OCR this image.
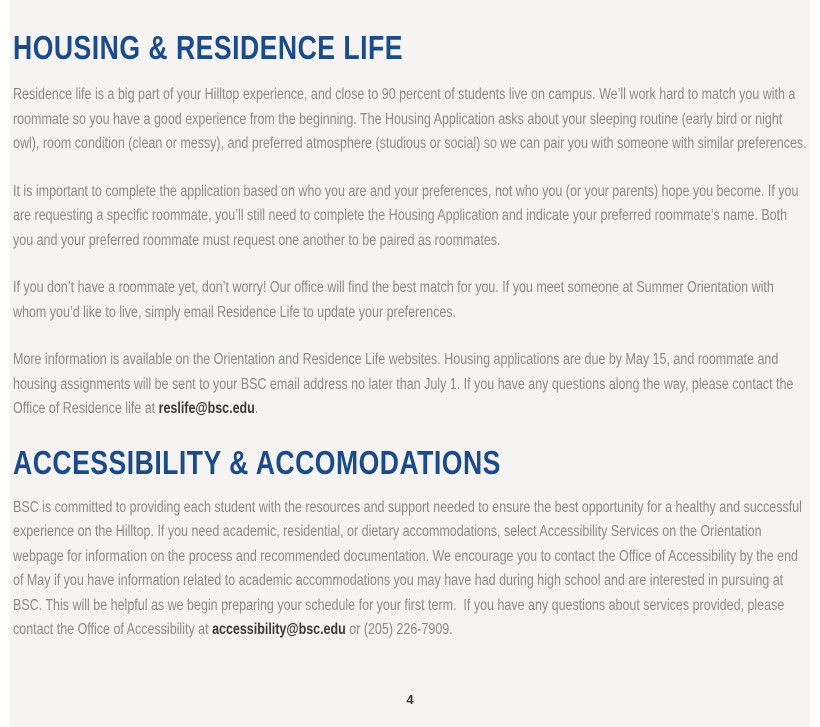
HOUSING & RESIDENCE LIFE

Residence life is a big part of your Hilltop experience, and close to 90 percent of students live on campus. We’ll work hard to match you with a roommate so you have a good experience from the beginning. The Housing Application asks about your sleeping routine (early bird or night owl), room condition (clean or messy), and preferred atmosphere (studious or social) so we can pair you with someone with similar preferences.

It is important to complete the application based on who you are and your preferences, not who you (or your parents) hope you become. If you are requesting a specific roommate, you’ll still need to complete the Housing Application and indicate your preferred roommate’s name. Both you and your preferred roommate must request one another to be paired as roommates.

If you don’t have a roommate yet, don’t worry! Our office will find the best match for you. If you meet someone at Summer Orientation with whom you’d like to live, simply email Residence Life to update your preferences.

More information is available on the Orientation and Residence Life websites. Housing applications are due by May 15, and roommate and housing assignments will be sent to your BSC email address no later than July 1. If you have any questions along the way, please contact the Office of Residence life at reslife@bsc.edu.

ACCESSIBILITY & ACCOMODATIONS

BSC is committed to providing each student with the resources and support needed to ensure the best opportunity for a healthy and successful experience on the Hilltop. If you need academic, residential, or dietary accommodations, select Accessibility Services on the Orientation webpage for information on the process and recommended documentation. We encourage you to contact the Office of Accessibility by the end of May if you have information related to academic accommodations you may have had during high school and are interested in pursuing at BSC. This will be helpful as we begin preparing your schedule for your first term.  If you have any questions about services provided, please contact the Office of Accessibility at accessibility@bsc.edu or (205) 226-7909.

4
